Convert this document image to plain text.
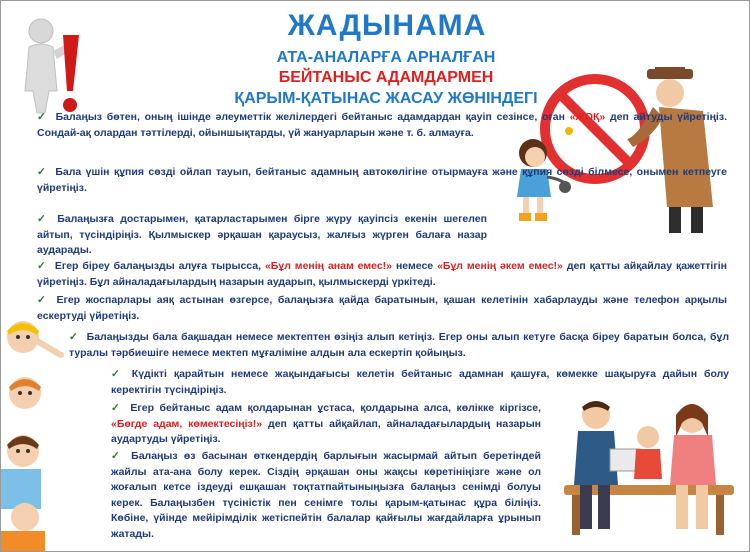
ЖАДЫНАМА
АТА-АНАЛАРҒА АРНАЛҒАН
БЕЙТАНЫС АДАМДАРМЕН
ҚАРЫМ-ҚАТЫНАС ЖАСАУ ЖӨНІНДЕГІ
✓ Балаңыз бөтен, оның ішінде әлеуметтік желілердегі бейтаныс адамдардан қауіп сезінсе, оған «ЖОҚ» деп айтуды үйретіңіз. Сондай-ақ олардан тәттілерді, ойыншықтарды, үй жануарларын және т. б. алмауға.
✓ Бала үшін құпия сөзді ойлап тауып, бейтаныс адамның автокөлігіне отырмауға және құпия сөзді білмесе, онымен кетпеуге үйретіңіз.
✓ Балаңызға достарымен, қатарластарымен бірге жүру қауіпсіз екенін шегелеп айтып, түсіндіріңіз. Қылмыскер әрқашан қараусыз, жалғыз жүрген балаға назар аударады.
✓ Егер біреу балаңызды алуға тырысса, «Бұл менің анам емес!» немесе «Бұл менің әкем емес!» деп қатты айқайлау қажеттігін үйретіңіз. Бұл айналадағылардың назарын аударып, қылмыскерді үркітеді.
✓ Егер жоспарлары аяқ астынан өзгерсе, балаңызға қайда баратынын, қашан келетінін хабарлауды және телефон арқылы ескертуді үйретіңіз.
✓ Балаңызды бала бақшадан немесе мектептен өзіңіз алып кетіңіз. Егер оны алып кетуге басқа біреу баратын болса, бұл туралы тәрбиешіге немесе мектеп мұғаліміне алдын ала ескертіп қойыңыз.
✓ Күдікті қарайтын немесе жақындағысы келетін бейтаныс адамнан қашуға, көмекке шақыруға дайын болу керектігін түсіндіріңіз.
✓ Егер бейтаныс адам қолдарынан ұстаса, қолдарына алса, көлікке кіргізсе, «Бөгде адам, көмектесіңіз!» деп қатты айқайлап, айналадағылардың назарын аудартуды үйретіңіз.
✓ Балаңыз өз басынан өткендердің барлығын жасырмай айтып беретіндей жайлы ата-ана болу керек. Сіздің әрқашан оны жақсы көретініңізге және ол жоғалып кетсе іздеуді ешқашан тоқтатпайтыныңызға балаңыз сенімді болуы керек. Балаңызбен түсіністік пен сенімге толы қарым-қатынас құра біліңіз. Көбіне, үйінде мейірімділік жетіспейтін балалар қайғылы жағдайларға ұрынып жатады.
